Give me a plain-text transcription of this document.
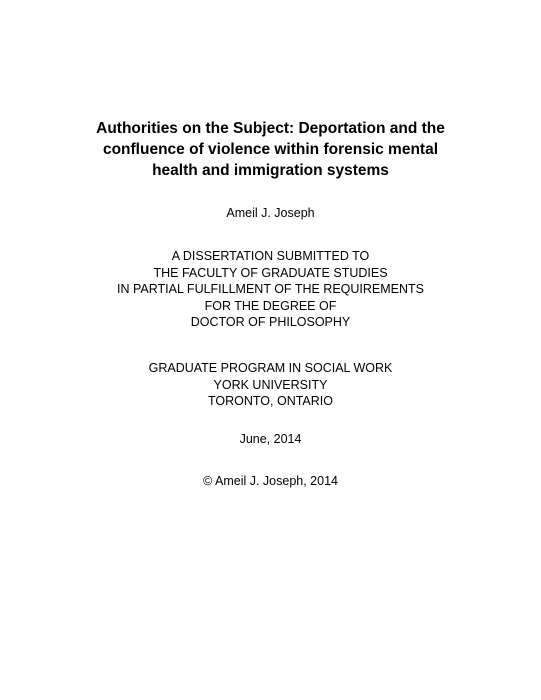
Authorities on the Subject: Deportation and the
confluence of violence within forensic mental
health and immigration systems
Ameil J. Joseph
A DISSERTATION SUBMITTED TO
THE FACULTY OF GRADUATE STUDIES
IN PARTIAL FULFILLMENT OF THE REQUIREMENTS
FOR THE DEGREE OF
DOCTOR OF PHILOSOPHY
GRADUATE PROGRAM IN SOCIAL WORK
YORK UNIVERSITY
TORONTO, ONTARIO
June, 2014
© Ameil J. Joseph, 2014
